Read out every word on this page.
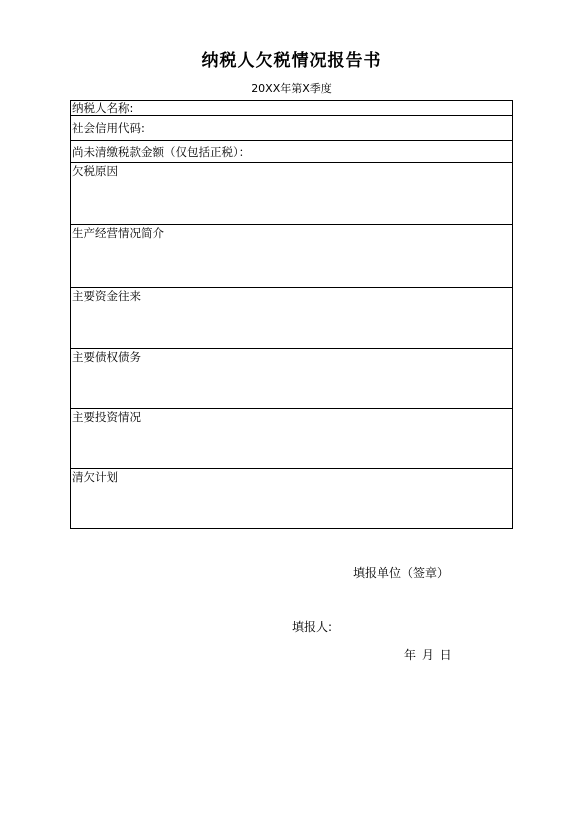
纳税人欠税情况报告书
20XX年第X季度
纳税人名称:
社会信用代码:
尚未清缴税款金额（仅包括正税）：
欠税原因
生产经营情况简介
主要资金往来
主要债权债务
主要投资情况
清欠计划
填报单位（签章）
填报人:
年 月 日
